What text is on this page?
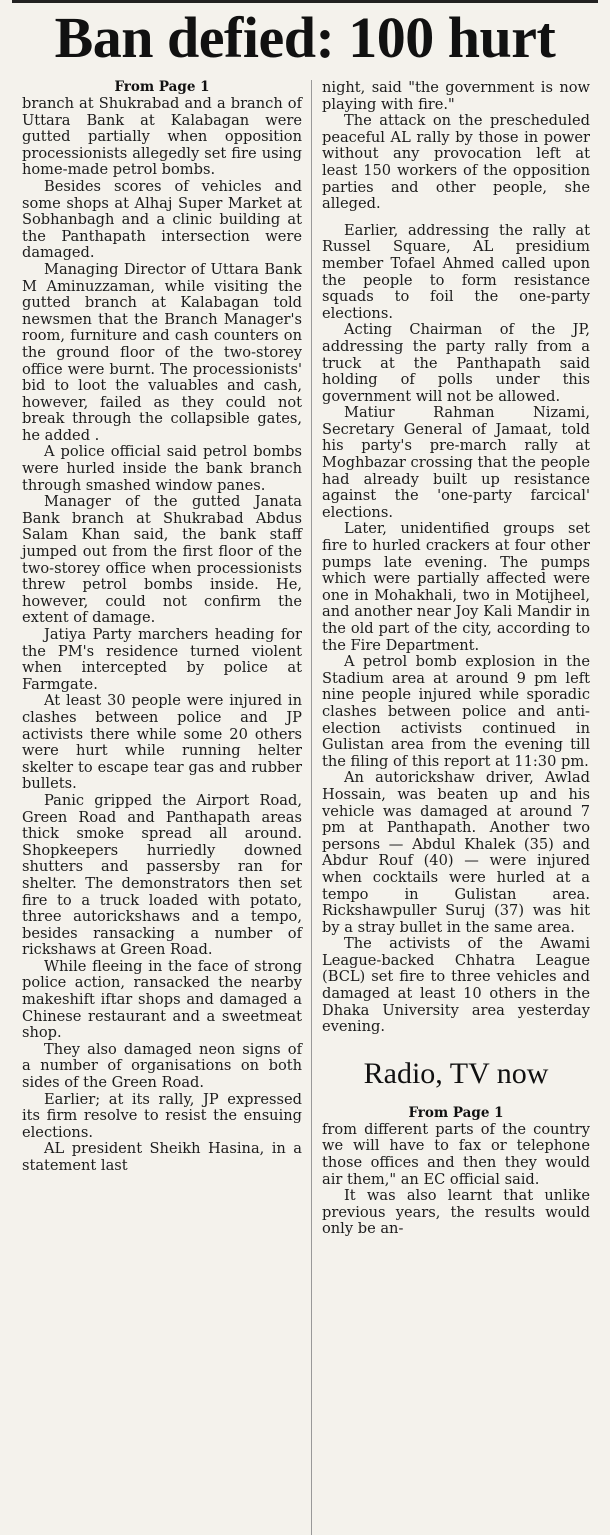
Ban defied: 100 hurt
From Page 1

branch at Shukrabad and a branch of Uttara Bank at Kalabagan were gutted partially when opposition processionists allegedly set fire using home-made petrol bombs.

Besides scores of vehicles and some shops at Alhaj Super Market at Sobhanbagh and a clinic building at the Panthapath intersection were damaged.

Managing Director of Uttara Bank M Aminuzzaman, while visiting the gutted branch at Kalabagan told newsmen that the Branch Manager's room, furniture and cash counters on the ground floor of the two-storey office were burnt. The processionists' bid to loot the valuables and cash, however, failed as they could not break through the collapsible gates, he added .

A police official said petrol bombs were hurled inside the bank branch through smashed window panes.

Manager of the gutted Janata Bank branch at Shukrabad Abdus Salam Khan said, the bank staff jumped out from the first floor of the two-storey office when processionists threw petrol bombs inside. He, however, could not confirm the extent of damage.

Jatiya Party marchers heading for the PM's residence turned violent when intercepted by police at Farmgate.

At least 30 people were injured in clashes between police and JP activists there while some 20 others were hurt while running helter skelter to escape tear gas and rubber bullets.

Panic gripped the Airport Road, Green Road and Panthapath areas thick smoke spread all around. Shopkeepers hurriedly downed shutters and passersby ran for shelter. The demonstrators then set fire to a truck loaded with potato, three autorickshaws and a tempo, besides ransacking a number of rickshaws at Green Road.

While fleeing in the face of strong police action, ransacked the nearby makeshift iftar shops and damaged a Chinese restaurant and a sweetmeat shop.

They also damaged neon signs of a number of organisations on both sides of the Green Road.

Earlier; at its rally, JP expressed its firm resolve to resist the ensuing elections.

AL president Sheikh Hasina, in a statement last

night, said "the government is now playing with fire."

The attack on the prescheduled peaceful AL rally by those in power without any provocation left at least 150 workers of the opposition parties and other people, she alleged.

Earlier, addressing the rally at Russel Square, AL presidium member Tofael Ahmed called upon the people to form resistance squads to foil the one-party elections.

Acting Chairman of the JP, addressing the party rally from a truck at the Panthapath said holding of polls under this government will not be allowed.

Matiur Rahman Nizami, Secretary General of Jamaat, told his party's pre-march rally at Moghbazar crossing that the people had already built up resistance against the 'one-party farcical' elections.

Later, unidentified groups set fire to hurled crackers at four other pumps late evening. The pumps which were partially affected were one in Mohakhali, two in Motijheel, and another near Joy Kali Mandir in the old part of the city, according to the Fire Department.

A petrol bomb explosion in the Stadium area at around 9 pm left nine people injured while sporadic clashes between police and anti-election activists continued in Gulistan area from the evening till the filing of this report at 11:30 pm.

An autorickshaw driver, Awlad Hossain, was beaten up and his vehicle was damaged at around 7 pm at Panthapath. Another two persons — Abdul Khalek (35) and Abdur Rouf (40) — were injured when cocktails were hurled at a tempo in Gulistan area. Rickshawpuller Suruj (37) was hit by a stray bullet in the same area.

The activists of the Awami League-backed Chhatra League (BCL) set fire to three vehicles and damaged at least 10 others in the Dhaka University area yesterday evening.

Radio, TV now
From Page 1

from different parts of the country we will have to fax or telephone those offices and then they would air them," an EC official said.

It was also learnt that unlike previous years, the results would only be an-
